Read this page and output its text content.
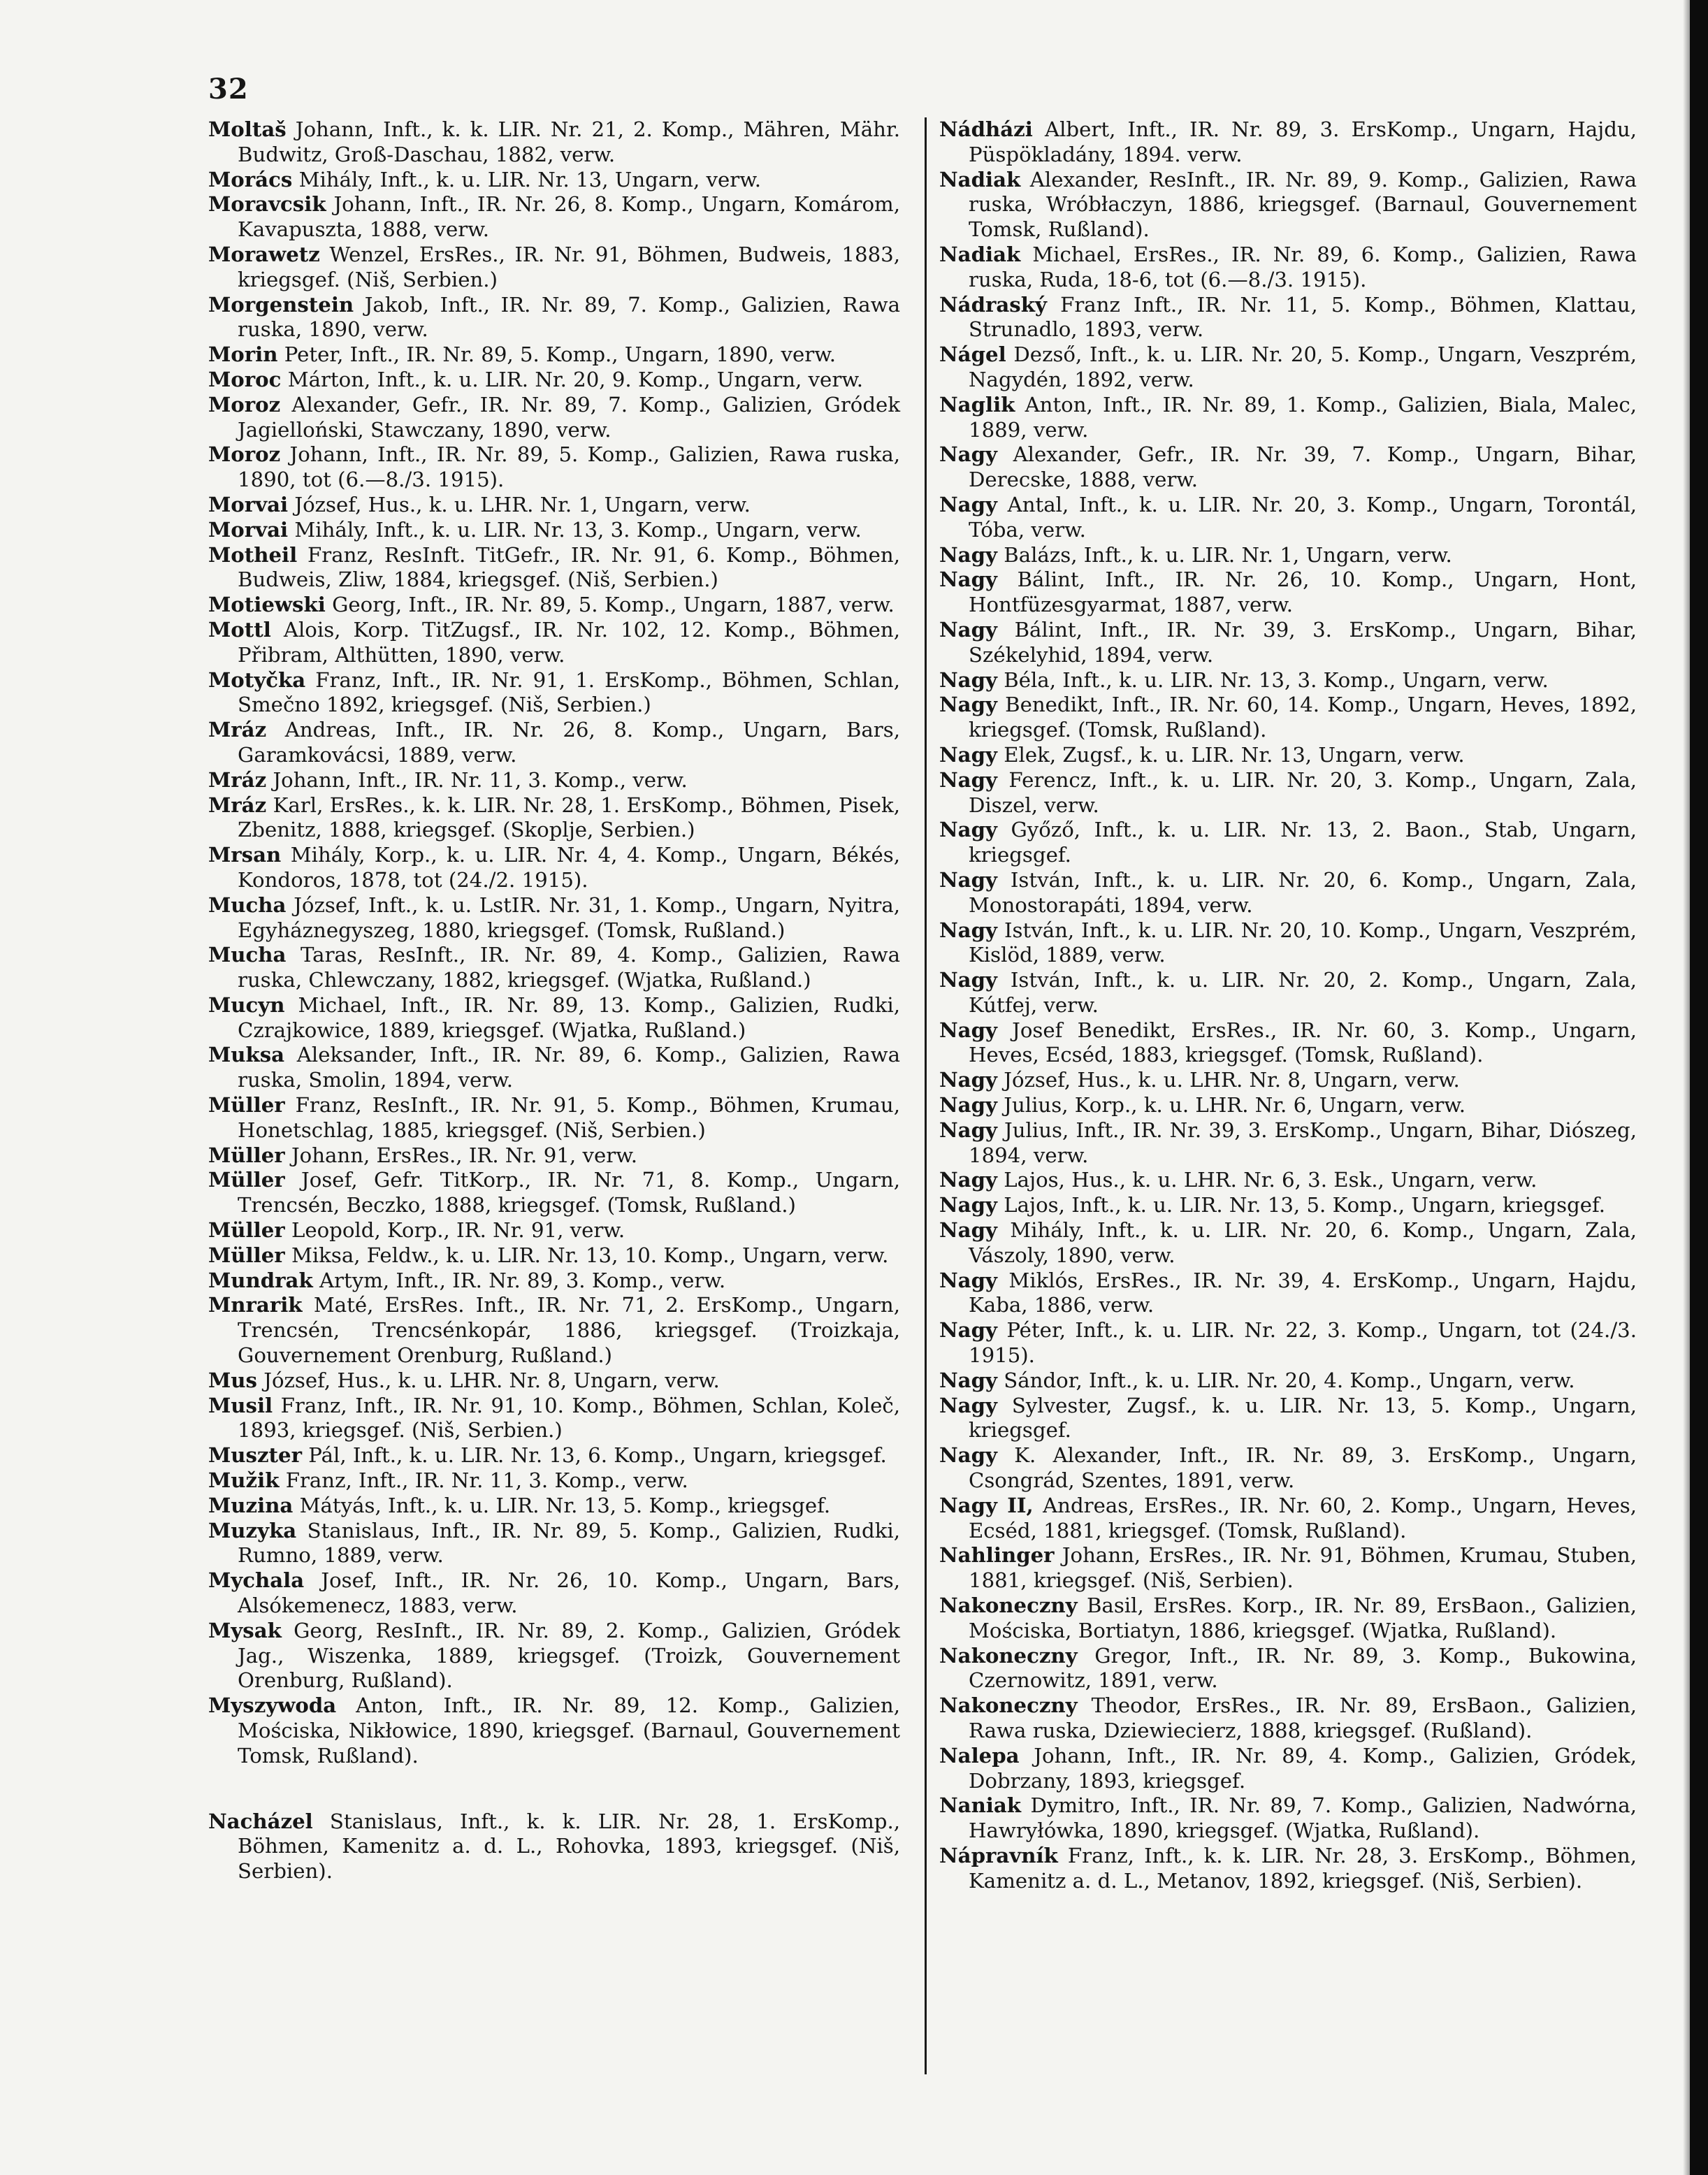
32

Moltaš Johann, Inft., k. k. LIR. Nr. 21, 2. Komp., Mähren, Mähr. Budwitz, Groß-Daschau, 1882, verw.

Morács Mihály, Inft., k. u. LIR. Nr. 13, Ungarn, verw.

Moravcsik Johann, Inft., IR. Nr. 26, 8. Komp., Ungarn, Komárom, Kavapuszta, 1888, verw.

Morawetz Wenzel, ErsRes., IR. Nr. 91, Böhmen, Budweis, 1883, kriegsgef. (Niš, Serbien.)

Morgenstein Jakob, Inft., IR. Nr. 89, 7. Komp., Galizien, Rawa ruska, 1890, verw.

Morin Peter, Inft., IR. Nr. 89, 5. Komp., Ungarn, 1890, verw.

Moroc Márton, Inft., k. u. LIR. Nr. 20, 9. Komp., Ungarn, verw.

Moroz Alexander, Gefr., IR. Nr. 89, 7. Komp., Galizien, Gródek Jagielloński, Stawczany, 1890, verw.

Moroz Johann, Inft., IR. Nr. 89, 5. Komp., Galizien, Rawa ruska, 1890, tot (6.—8./3. 1915).

Morvai József, Hus., k. u. LHR. Nr. 1, Ungarn, verw.

Morvai Mihály, Inft., k. u. LIR. Nr. 13, 3. Komp., Ungarn, verw.

Motheil Franz, ResInft. TitGefr., IR. Nr. 91, 6. Komp., Böhmen, Budweis, Zliw, 1884, kriegsgef. (Niš, Serbien.)

Motiewski Georg, Inft., IR. Nr. 89, 5. Komp., Ungarn, 1887, verw.

Mottl Alois, Korp. TitZugsf., IR. Nr. 102, 12. Komp., Böhmen, Přibram, Althütten, 1890, verw.

Motyčka Franz, Inft., IR. Nr. 91, 1. ErsKomp., Böhmen, Schlan, Smečno 1892, kriegsgef. (Niš, Serbien.)

Mráz Andreas, Inft., IR. Nr. 26, 8. Komp., Ungarn, Bars, Garamkovácsi, 1889, verw.

Mráz Johann, Inft., IR. Nr. 11, 3. Komp., verw.

Mráz Karl, ErsRes., k. k. LIR. Nr. 28, 1. ErsKomp., Böhmen, Pisek, Zbenitz, 1888, kriegsgef. (Skoplje, Serbien.)

Mrsan Mihály, Korp., k. u. LIR. Nr. 4, 4. Komp., Ungarn, Békés, Kondoros, 1878, tot (24./2. 1915).

Mucha József, Inft., k. u. LstIR. Nr. 31, 1. Komp., Ungarn, Nyitra, Egyháznegyszeg, 1880, kriegsgef. (Tomsk, Rußland.)

Mucha Taras, ResInft., IR. Nr. 89, 4. Komp., Galizien, Rawa ruska, Chlewczany, 1882, kriegsgef. (Wjatka, Rußland.)

Mucyn Michael, Inft., IR. Nr. 89, 13. Komp., Galizien, Rudki, Czrajkowice, 1889, kriegsgef. (Wjatka, Rußland.)

Muksa Aleksander, Inft., IR. Nr. 89, 6. Komp., Galizien, Rawa ruska, Smolin, 1894, verw.

Müller Franz, ResInft., IR. Nr. 91, 5. Komp., Böhmen, Krumau, Honetschlag, 1885, kriegsgef. (Niš, Serbien.)

Müller Johann, ErsRes., IR. Nr. 91, verw.

Müller Josef, Gefr. TitKorp., IR. Nr. 71, 8. Komp., Ungarn, Trencsén, Beczko, 1888, kriegsgef. (Tomsk, Rußland.)

Müller Leopold, Korp., IR. Nr. 91, verw.

Müller Miksa, Feldw., k. u. LIR. Nr. 13, 10. Komp., Ungarn, verw.

Mundrak Artym, Inft., IR. Nr. 89, 3. Komp., verw.

Mnrarik Maté, ErsRes. Inft., IR. Nr. 71, 2. ErsKomp., Ungarn, Trencsén, Trencsénkopár, 1886, kriegsgef. (Troizkaja, Gouvernement Orenburg, Rußland.)

Mus József, Hus., k. u. LHR. Nr. 8, Ungarn, verw.

Musil Franz, Inft., IR. Nr. 91, 10. Komp., Böhmen, Schlan, Koleč, 1893, kriegsgef. (Niš, Serbien.)

Muszter Pál, Inft., k. u. LIR. Nr. 13, 6. Komp., Ungarn, kriegsgef.

Mužik Franz, Inft., IR. Nr. 11, 3. Komp., verw.

Muzina Mátyás, Inft., k. u. LIR. Nr. 13, 5. Komp., kriegsgef.

Muzyka Stanislaus, Inft., IR. Nr. 89, 5. Komp., Galizien, Rudki, Rumno, 1889, verw.

Mychala Josef, Inft., IR. Nr. 26, 10. Komp., Ungarn, Bars, Alsókemenecz, 1883, verw.

Mysak Georg, ResInft., IR. Nr. 89, 2. Komp., Galizien, Gródek Jag., Wiszenka, 1889, kriegsgef. (Troizk, Gouvernement Orenburg, Rußland).

Myszywoda Anton, Inft., IR. Nr. 89, 12. Komp., Galizien, Mościska, Nikłowice, 1890, kriegsgef. (Barnaul, Gouvernement Tomsk, Rußland).

Nacházel Stanislaus, Inft., k. k. LIR. Nr. 28, 1. ErsKomp., Böhmen, Kamenitz a. d. L., Rohovka, 1893, kriegsgef. (Niš, Serbien).

Nádházi Albert, Inft., IR. Nr. 89, 3. ErsKomp., Ungarn, Hajdu, Püspökladány, 1894. verw.

Nadiak Alexander, ResInft., IR. Nr. 89, 9. Komp., Galizien, Rawa ruska, Wróbłaczyn, 1886, kriegsgef. (Barnaul, Gouvernement Tomsk, Rußland).

Nadiak Michael, ErsRes., IR. Nr. 89, 6. Komp., Galizien, Rawa ruska, Ruda, 18-6, tot (6.—8./3. 1915).

Nádraský Franz Inft., IR. Nr. 11, 5. Komp., Böhmen, Klattau, Strunadlo, 1893, verw.

Nágel Dezső, Inft., k. u. LIR. Nr. 20, 5. Komp., Ungarn, Veszprém, Nagydén, 1892, verw.

Naglik Anton, Inft., IR. Nr. 89, 1. Komp., Galizien, Biala, Malec, 1889, verw.

Nagy Alexander, Gefr., IR. Nr. 39, 7. Komp., Ungarn, Bihar, Derecske, 1888, verw.

Nagy Antal, Inft., k. u. LIR. Nr. 20, 3. Komp., Ungarn, Torontál, Tóba, verw.

Nagy Balázs, Inft., k. u. LIR. Nr. 1, Ungarn, verw.

Nagy Bálint, Inft., IR. Nr. 26, 10. Komp., Ungarn, Hont, Hontfüzesgyarmat, 1887, verw.

Nagy Bálint, Inft., IR. Nr. 39, 3. ErsKomp., Ungarn, Bihar, Székelyhid, 1894, verw.

Nagy Béla, Inft., k. u. LIR. Nr. 13, 3. Komp., Ungarn, verw.

Nagy Benedikt, Inft., IR. Nr. 60, 14. Komp., Ungarn, Heves, 1892, kriegsgef. (Tomsk, Rußland).

Nagy Elek, Zugsf., k. u. LIR. Nr. 13, Ungarn, verw.

Nagy Ferencz, Inft., k. u. LIR. Nr. 20, 3. Komp., Ungarn, Zala, Diszel, verw.

Nagy Győző, Inft., k. u. LIR. Nr. 13, 2. Baon., Stab, Ungarn, kriegsgef.

Nagy István, Inft., k. u. LIR. Nr. 20, 6. Komp., Ungarn, Zala, Monostorapáti, 1894, verw.

Nagy István, Inft., k. u. LIR. Nr. 20, 10. Komp., Ungarn, Veszprém, Kislöd, 1889, verw.

Nagy István, Inft., k. u. LIR. Nr. 20, 2. Komp., Ungarn, Zala, Kútfej, verw.

Nagy Josef Benedikt, ErsRes., IR. Nr. 60, 3. Komp., Ungarn, Heves, Ecséd, 1883, kriegsgef. (Tomsk, Rußland).

Nagy József, Hus., k. u. LHR. Nr. 8, Ungarn, verw.

Nagy Julius, Korp., k. u. LHR. Nr. 6, Ungarn, verw.

Nagy Julius, Inft., IR. Nr. 39, 3. ErsKomp., Ungarn, Bihar, Diószeg, 1894, verw.

Nagy Lajos, Hus., k. u. LHR. Nr. 6, 3. Esk., Ungarn, verw.

Nagy Lajos, Inft., k. u. LIR. Nr. 13, 5. Komp., Ungarn, kriegsgef.

Nagy Mihály, Inft., k. u. LIR. Nr. 20, 6. Komp., Ungarn, Zala, Vászoly, 1890, verw.

Nagy Miklós, ErsRes., IR. Nr. 39, 4. ErsKomp., Ungarn, Hajdu, Kaba, 1886, verw.

Nagy Péter, Inft., k. u. LIR. Nr. 22, 3. Komp., Ungarn, tot (24./3. 1915).

Nagy Sándor, Inft., k. u. LIR. Nr. 20, 4. Komp., Ungarn, verw.

Nagy Sylvester, Zugsf., k. u. LIR. Nr. 13, 5. Komp., Ungarn, kriegsgef.

Nagy K. Alexander, Inft., IR. Nr. 89, 3. ErsKomp., Ungarn, Csongrád, Szentes, 1891, verw.

Nagy II, Andreas, ErsRes., IR. Nr. 60, 2. Komp., Ungarn, Heves, Ecséd, 1881, kriegsgef. (Tomsk, Rußland).

Nahlinger Johann, ErsRes., IR. Nr. 91, Böhmen, Krumau, Stuben, 1881, kriegsgef. (Niš, Serbien).

Nakoneczny Basil, ErsRes. Korp., IR. Nr. 89, ErsBaon., Galizien, Mościska, Bortiatyn, 1886, kriegsgef. (Wjatka, Rußland).

Nakoneczny Gregor, Inft., IR. Nr. 89, 3. Komp., Bukowina, Czernowitz, 1891, verw.

Nakoneczny Theodor, ErsRes., IR. Nr. 89, ErsBaon., Galizien, Rawa ruska, Dziewiecierz, 1888, kriegsgef. (Rußland).

Nalepa Johann, Inft., IR. Nr. 89, 4. Komp., Galizien, Gródek, Dobrzany, 1893, kriegsgef.

Naniak Dymitro, Inft., IR. Nr. 89, 7. Komp., Galizien, Nadwórna, Hawryłówka, 1890, kriegsgef. (Wjatka, Rußland).

Nápravník Franz, Inft., k. k. LIR. Nr. 28, 3. ErsKomp., Böhmen, Kamenitz a. d. L., Metanov, 1892, kriegsgef. (Niš, Serbien).
